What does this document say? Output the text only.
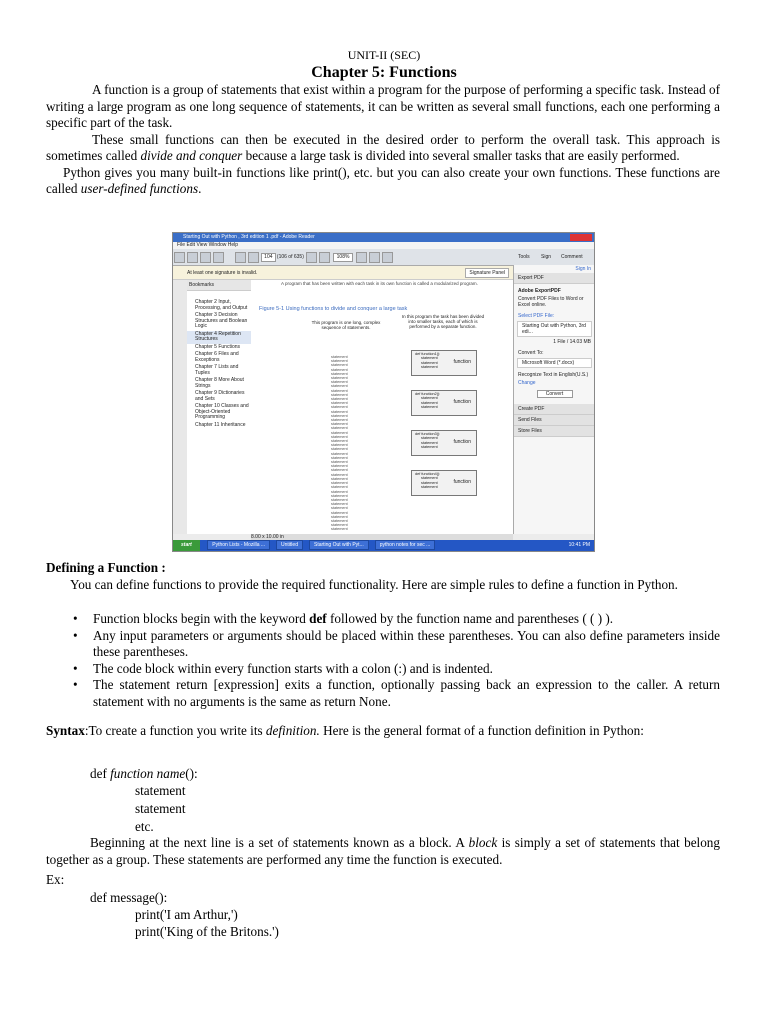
UNIT-II (SEC)
Chapter 5: Functions
A function is a group of statements that exist within a program for the purpose of performing a specific task. Instead of writing a large program as one long sequence of statements, it can be written as several small functions, each one performing a specific part of the task.
These small functions can then be executed in the desired order to perform the overall task. This approach is sometimes called divide and conquer because a large task is divided into several smaller tasks that are easily performed.
Python gives you many built-in functions like print(), etc. but you can also create your own functions. These functions are called user-defined functions.
Starting Out with Python , 3rd edition 1 .pdf - Adobe Reader
File Edit View Window Help
104 (106 of 635)	108%	Tools Sign Comment
At least one signature is invalid.	Signature Panel
Bookmarks
Chapter 2 Input, Processing, and Output
Chapter 3 Decision Structures and Boolean Logic
Chapter 4 Repetition Structures
Chapter 5 Functions
Chapter 6 Files and Exceptions
Chapter 7 Lists and Tuples
Chapter 8 More About Strings
Chapter 9 Dictionaries and Sets
Chapter 10 Classes and Object-Oriented Programming
Chapter 11 Inheritance
A program that has been written with each task in its own function is called a modularized program.
Figure 5-1 Using functions to divide and conquer a large task
This program is one long, complex sequence of statements.
In this program the task has been divided into smaller tasks, each of which is performed by a separate function.
statement
statement
statement
statement
statement
statement
statement
statement
statement
statement
statement
statement
statement
statement
statement
statement
statement
statement
statement
statement
statement
statement
statement
statement
statement
statement
statement
statement
statement
statement
statement
statement
statement
statement
statement
statement
statement
statement
statement
statement
statement
statement
def function1():
statement
statement
statement
function
def function2():
statement
statement
statement
function
def function3():
statement
statement
statement
function
def function4():
statement
statement
statement
function
8.00 x 10.00 in
Sign In
Export PDF
Adobe ExportPDF
Convert PDF Files to Word or Excel online.
Select PDF File:
Starting Out with Python, 3rd edi...
1 File / 14.03 MB
Convert To:
Microsoft Word (*.docx)
Recognize Text in English(U.S.)
Change
Convert
Create PDF
Send Files
Store Files
start	Python Lists - Mozilla ...	Untitled	Starting Out with Pyt...	python notes for sec ...	10:41 PM
Defining a Function :
You can define functions to provide the required functionality. Here are simple rules to define a function in Python.
• Function blocks begin with the keyword def followed by the function name and parentheses ( ( ) ).
• Any input parameters or arguments should be placed within these parentheses. You can also define parameters inside these parentheses.
• The code block within every function starts with a colon (:) and is indented.
• The statement return [expression] exits a function, optionally passing back an expression to the caller. A return statement with no arguments is the same as return None.
Syntax:To create a function you write its definition. Here is the general format of a function definition in Python:
def function name():
statement
statement
etc.
Beginning at the next line is a set of statements known as a block. A block is simply a set of statements that belong together as a group. These statements are performed any time the function is executed.
Ex:
def message():
print('I am Arthur,')
print('King of the Britons.')
